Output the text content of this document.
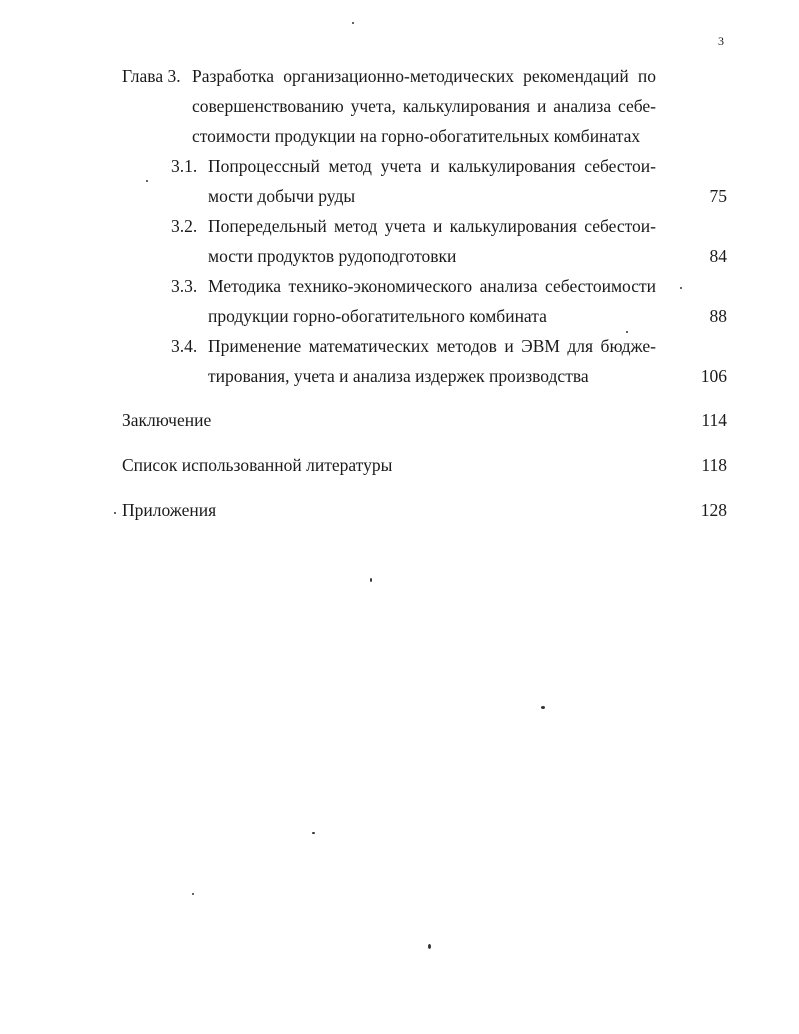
3
Глава 3. Разработка организационно-методических рекомендаций по
совершенствованию учета, калькулирования и анализа себе-
стоимости продукции на горно-обогатительных комбинатах
3.1. Попроцессный метод учета и калькулирования себестои-
мости добычи руды	75
3.2. Попередельный метод учета и калькулирования себестои-
мости продуктов рудоподготовки	84
3.3. Методика технико-экономического анализа себестоимости
продукции горно-обогатительного комбината	88
3.4. Применение математических методов и ЭВМ для бюдже-
тирования, учета и анализа издержек производства	106
Заключение	114
Список использованной литературы	118
Приложения	128
